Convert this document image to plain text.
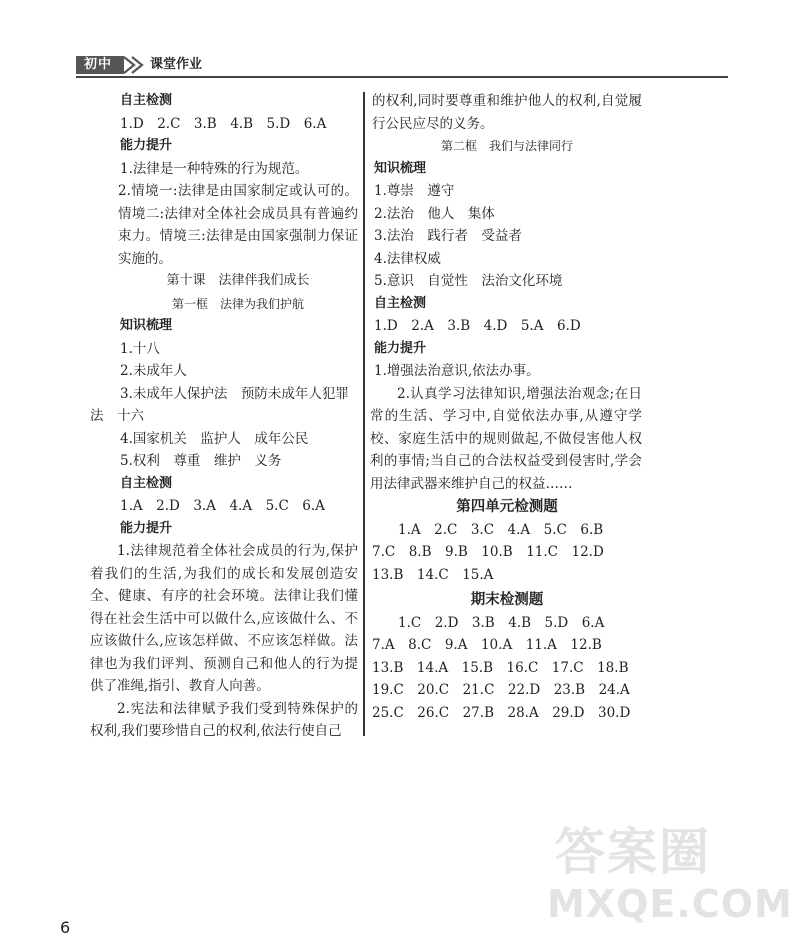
初中	课堂作业
自主检测
1.D　2.C　3.B　4.B　5.D　6.A
能力提升
1.法律是一种特殊的行为规范。
2.情境一:法律是由国家制定或认可的。情境二:法律对全体社会成员具有普遍约束力。情境三:法律是由国家强制力保证实施的。
第十课　法律伴我们成长
第一框　法律为我们护航
知识梳理
1.十八
2.未成年人
3.未成年人保护法　预防未成年人犯罪
法　十六
4.国家机关　监护人　成年公民
5.权利　尊重　维护　义务
自主检测
1.A　2.D　3.A　4.A　5.C　6.A
能力提升
1.法律规范着全体社会成员的行为,保护着我们的生活,为我们的成长和发展创造安全、健康、有序的社会环境。法律让我们懂得在社会生活中可以做什么,应该做什么、不应该做什么,应该怎样做、不应该怎样做。法律也为我们评判、预测自己和他人的行为提供了准绳,指引、教育人向善。
2.宪法和法律赋予我们受到特殊保护的权利,我们要珍惜自己的权利,依法行使自己
的权利,同时要尊重和维护他人的权利,自觉履行公民应尽的义务。
第二框　我们与法律同行
知识梳理
1.尊崇　遵守
2.法治　他人　集体
3.法治　践行者　受益者
4.法律权威
5.意识　自觉性　法治文化环境
自主检测
1.D　2.A　3.B　4.D　5.A　6.D
能力提升
1.增强法治意识,依法办事。
2.认真学习法律知识,增强法治观念;在日常的生活、学习中,自觉依法办事,从遵守学校、家庭生活中的规则做起,不做侵害他人权利的事情;当自己的合法权益受到侵害时,学会用法律武器来维护自己的权益……
第四单元检测题
1.A　2.C　3.C　4.A　5.C　6.B
7.C　8.B　9.B　10.B　11.C　12.D
13.B　14.C　15.A
期末检测题
1.C　2.D　3.B　4.B　5.D　6.A
7.A　8.C　9.A　10.A　11.A　12.B
13.B　14.A　15.B　16.C　17.C　18.B
19.C　20.C　21.C　22.D　23.B　24.A
25.C　26.C　27.B　28.A　29.D　30.D
6
答案圈
MXQE.COM
